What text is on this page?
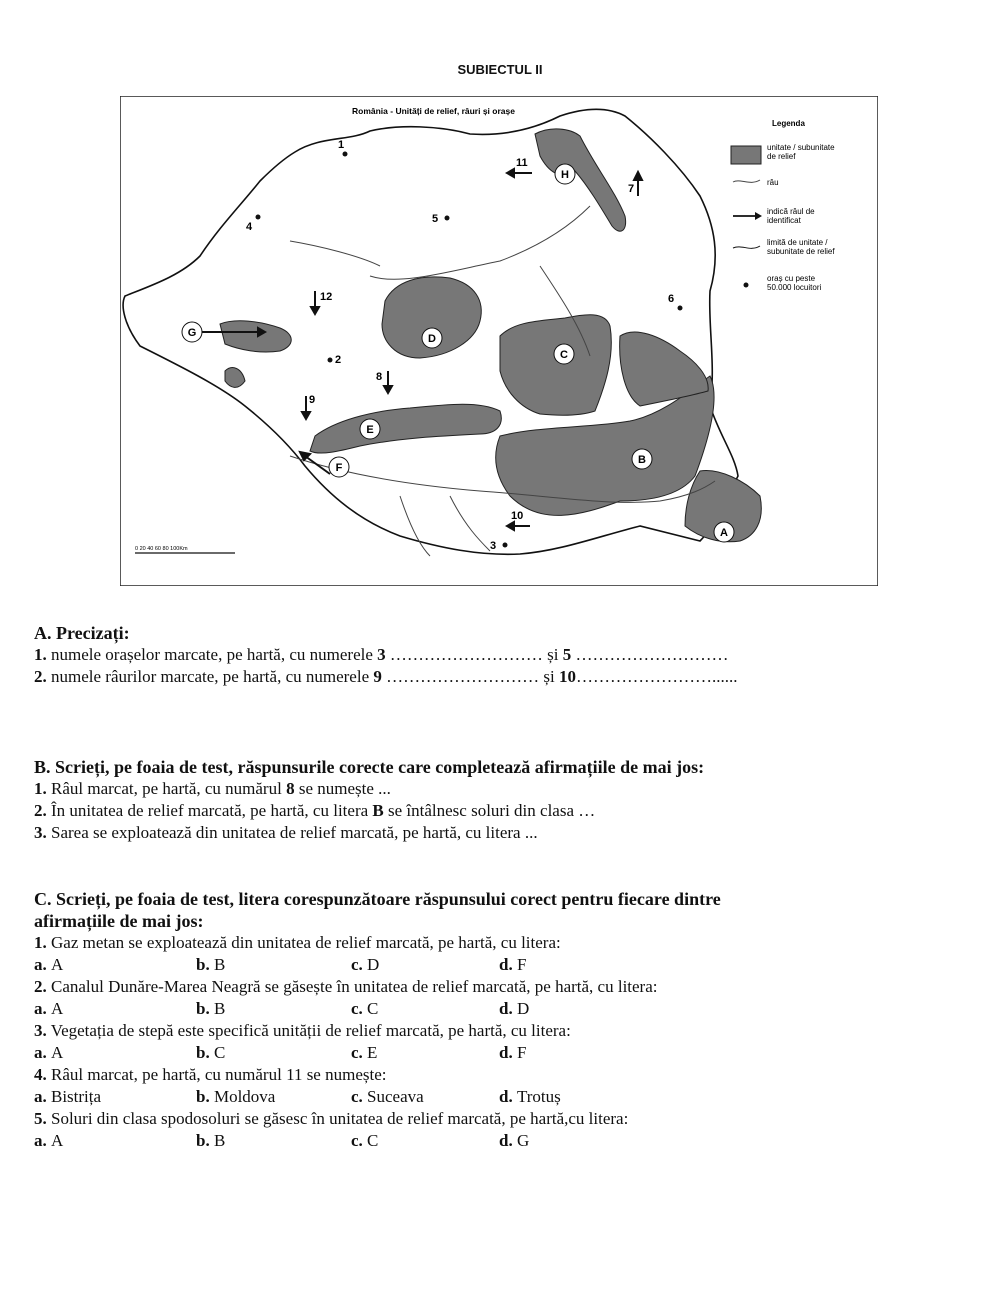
SUBIECTUL II
România - Unități de relief, râuri și orașe
H
D
C
B
E
F
G
A
1
2
3
4
5
6
7
8
9
10
11
12
0 20 40 60 80 100Km
Legenda
unitate / subunitate
de relief
râu
indică râul de
identificat
limită de unitate /
subunitate de relief
oraș cu peste
50.000 locuitori
A. Precizați:
1. numele orașelor marcate, pe hartă, cu numerele 3 ……………………… și 5 ………………………
2. numele râurilor marcate, pe hartă, cu numerele 9 ……………………… și 10……………………......
B. Scrieți, pe foaia de test, răspunsurile corecte care completează afirmațiile de mai jos:
1. Râul marcat, pe hartă, cu numărul 8 se numește ...
2. În unitatea de relief marcată, pe hartă, cu litera B se întâlnesc soluri din clasa …
3. Sarea se exploatează din unitatea de relief marcată, pe hartă, cu litera ...
C. Scrieți, pe foaia de test, litera corespunzătoare răspunsului corect pentru fiecare dintre
afirmațiile de mai jos:
1. Gaz metan se exploatează din unitatea de relief marcată, pe hartă, cu litera:
a. A	b. B	c. D	d. F
2. Canalul Dunăre-Marea Neagră se găsește în unitatea de relief marcată, pe hartă, cu litera:
a. A	b. B	c. C	d. D
3. Vegetația de stepă este specifică unității de relief marcată, pe hartă, cu litera:
a. A	b. C	c. E	d. F
4. Râul marcat, pe hartă, cu numărul 11 se numește:
a. Bistrița	b. Moldova	c. Suceava	d. Trotuș
5. Soluri din clasa spodosoluri se găsesc în unitatea de relief marcată, pe hartă,cu litera:
a. A	b. B	c. C	d. G
